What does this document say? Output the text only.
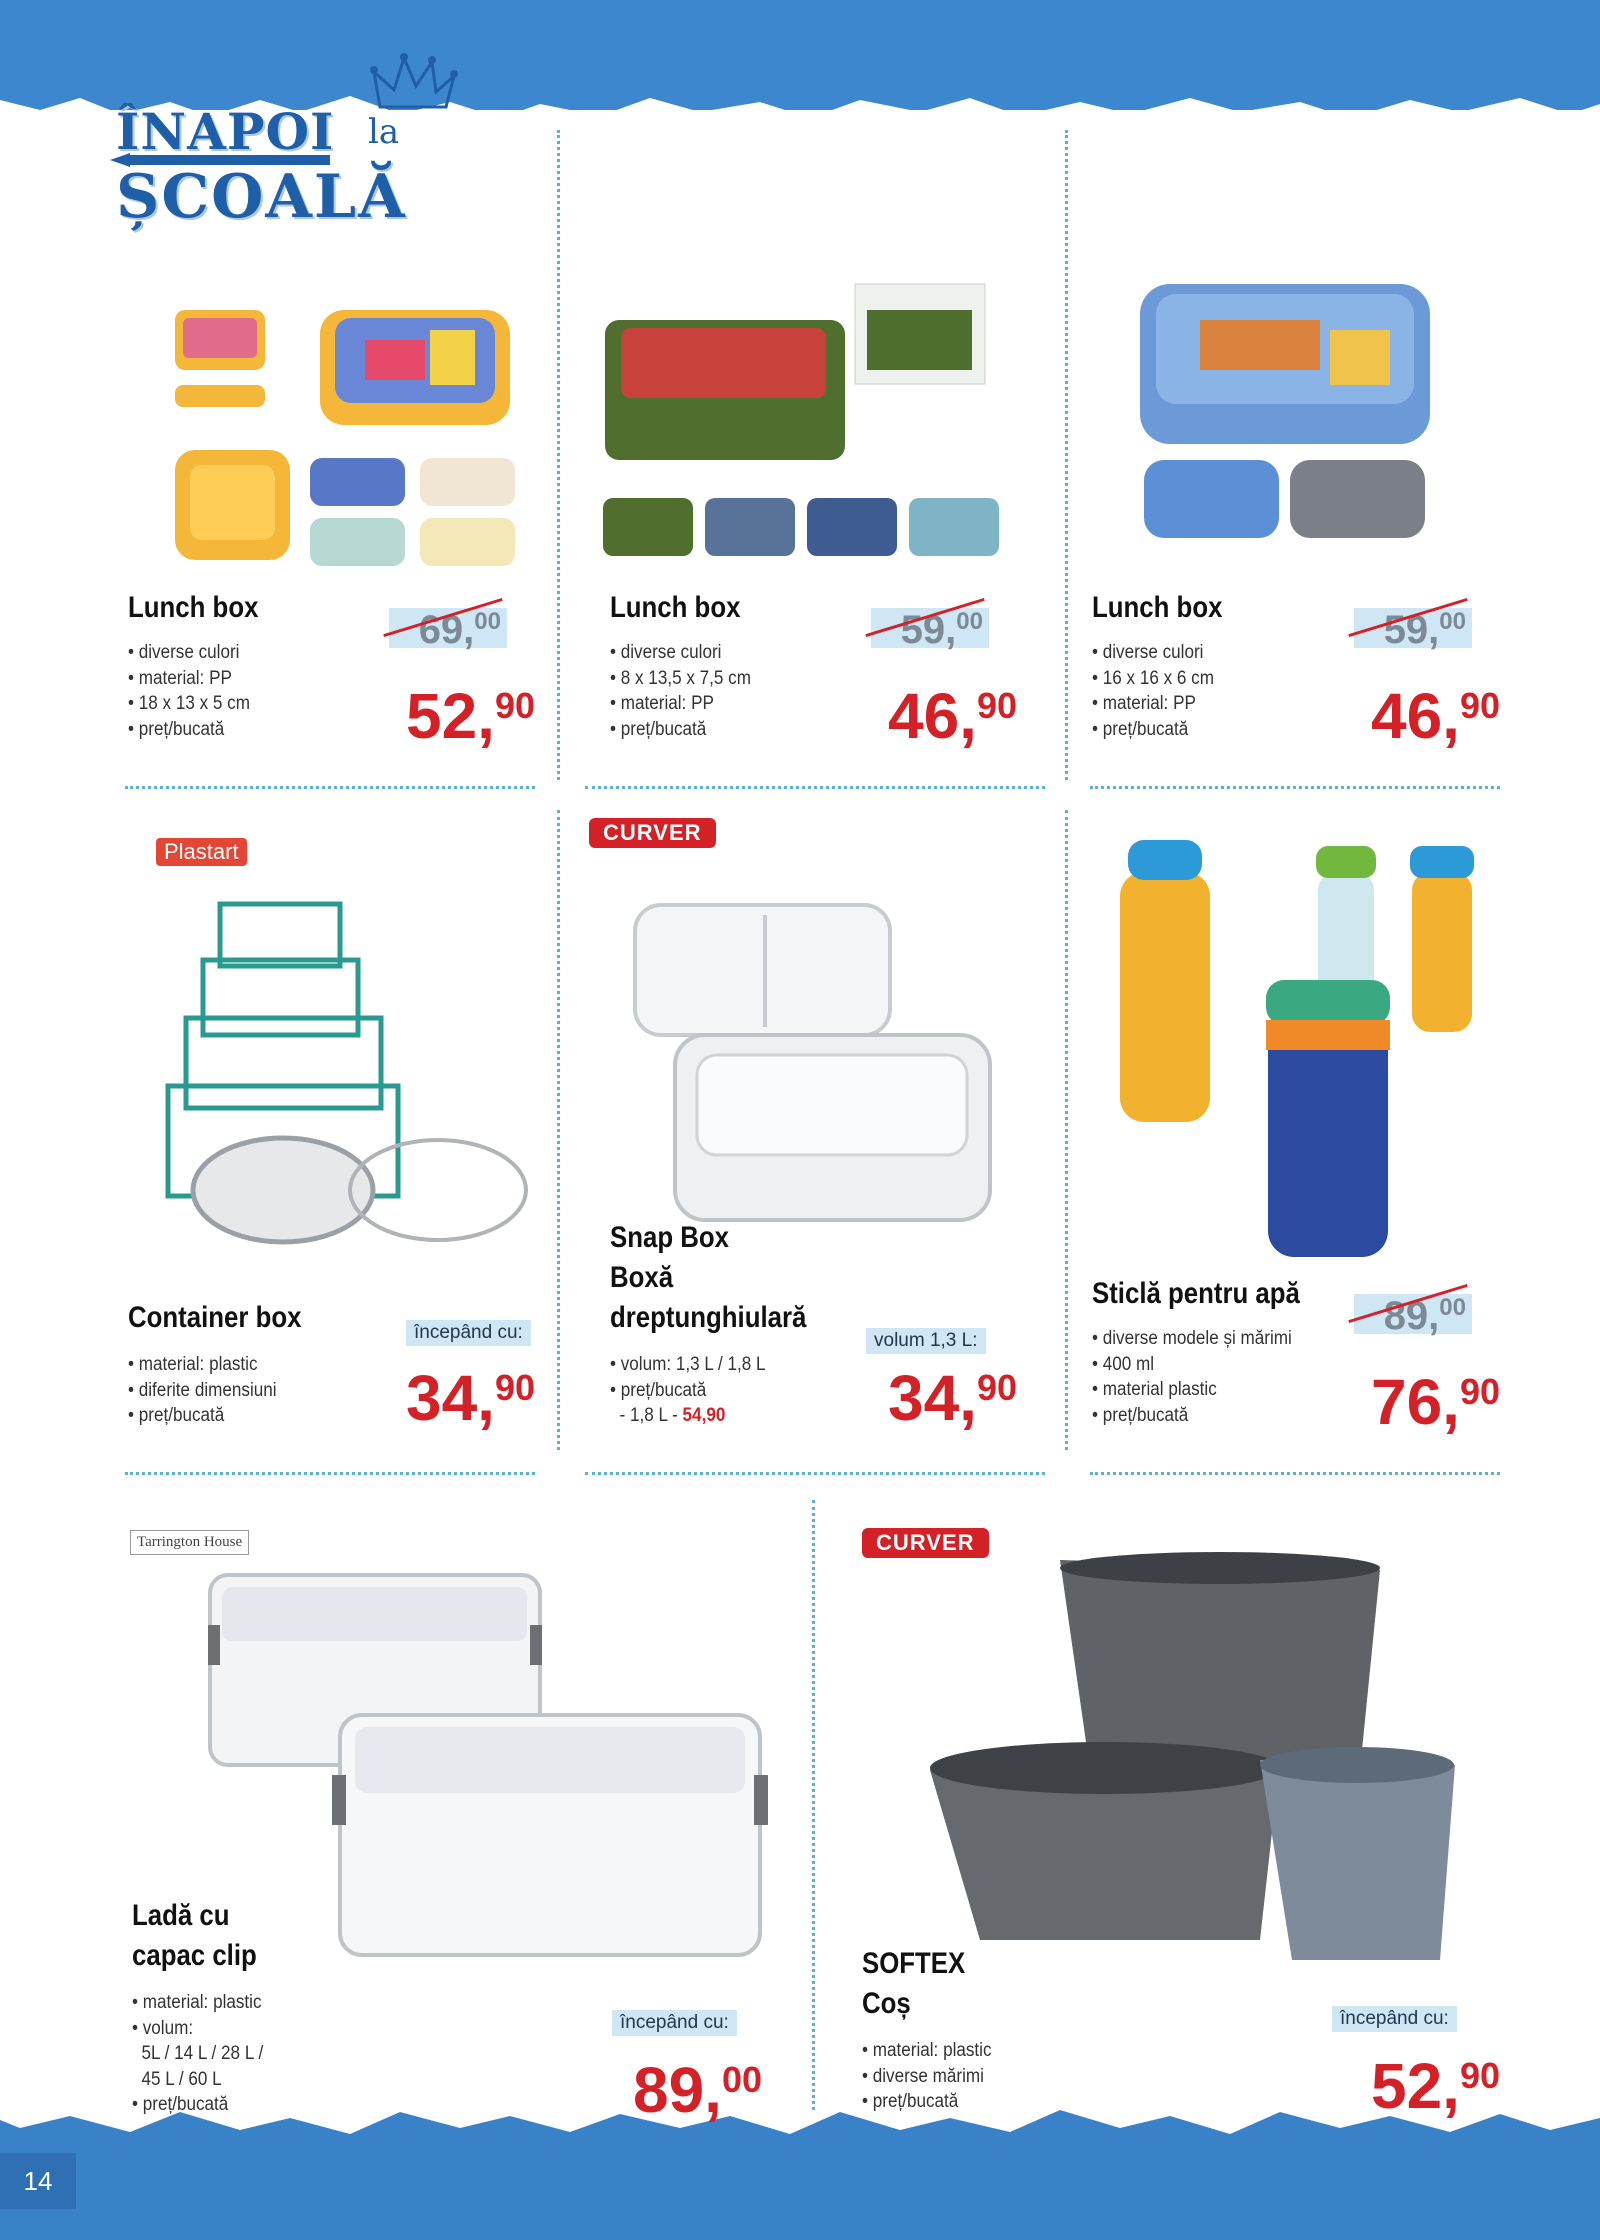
14
ÎNAPOI la
ȘCOALĂ
Lunch box
• diverse culori
• material: PP
• 18 x 13 x 5 cm
• preț/bucată
69,00
52,90
Lunch box
• diverse culori
• 8 x 13,5 x 7,5 cm
• material: PP
• preț/bucată
59,00
46,90
Lunch box
• diverse culori
• 16 x 16 x 6 cm
• material: PP
• preț/bucată
59,00
46,90
Plastart
Container box
• material: plastic
• diferite dimensiuni
• preț/bucată
începând cu:
34,90
CURVER
Snap Box
Boxă
dreptunghiulară
• volum: 1,3 L / 1,8 L
• preț/bucată
- 1,8 L - 54,90
volum 1,3 L:
34,90
Sticlă pentru apă
• diverse modele și mărimi
• 400 ml
• material plastic
• preț/bucată
89,00
76,90
Tarrington House
Ladă cu
capac clip
• material: plastic
• volum:
5L / 14 L / 28 L /
45 L / 60 L
• preț/bucată
începând cu:
89,00
CURVER
SOFTEX
Coș
• material: plastic
• diverse mărimi
• preț/bucată
începând cu:
52,90
